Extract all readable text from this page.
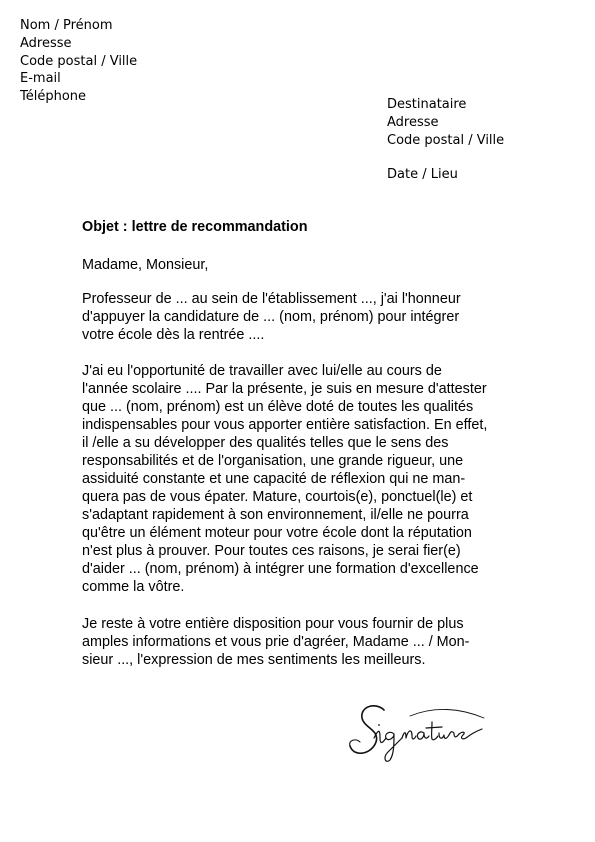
Nom / Prénom
Adresse
Code postal / Ville
E-mail
Téléphone
Destinataire
Adresse
Code postal / Ville
Date / Lieu
Objet : lettre de recommandation
Madame, Monsieur,
Professeur de ... au sein de l'établissement ..., j'ai l'honneur
d'appuyer la candidature de ... (nom, prénom) pour intégrer
votre école dès la rentrée ....
J'ai eu l'opportunité de travailler avec lui/elle au cours de
l'année scolaire .... Par la présente, je suis en mesure d'attester
que ... (nom, prénom) est un élève doté de toutes les qualités
indispensables pour vous apporter entière satisfaction. En effet,
il /elle a su développer des qualités telles que le sens des
responsabilités et de l'organisation, une grande rigueur, une
assiduité constante et une capacité de réflexion qui ne man-
quera pas de vous épater. Mature, courtois(e), ponctuel(le) et
s'adaptant rapidement à son environnement, il/elle ne pourra
qu'être un élément moteur pour votre école dont la réputation
n'est plus à prouver. Pour toutes ces raisons, je serai fier(e)
d'aider ... (nom, prénom) à intégrer une formation d'excellence
comme la vôtre.
Je reste à votre entière disposition pour vous fournir de plus
amples informations et vous prie d'agréer, Madame ... / Mon-
sieur ..., l'expression de mes sentiments les meilleurs.
